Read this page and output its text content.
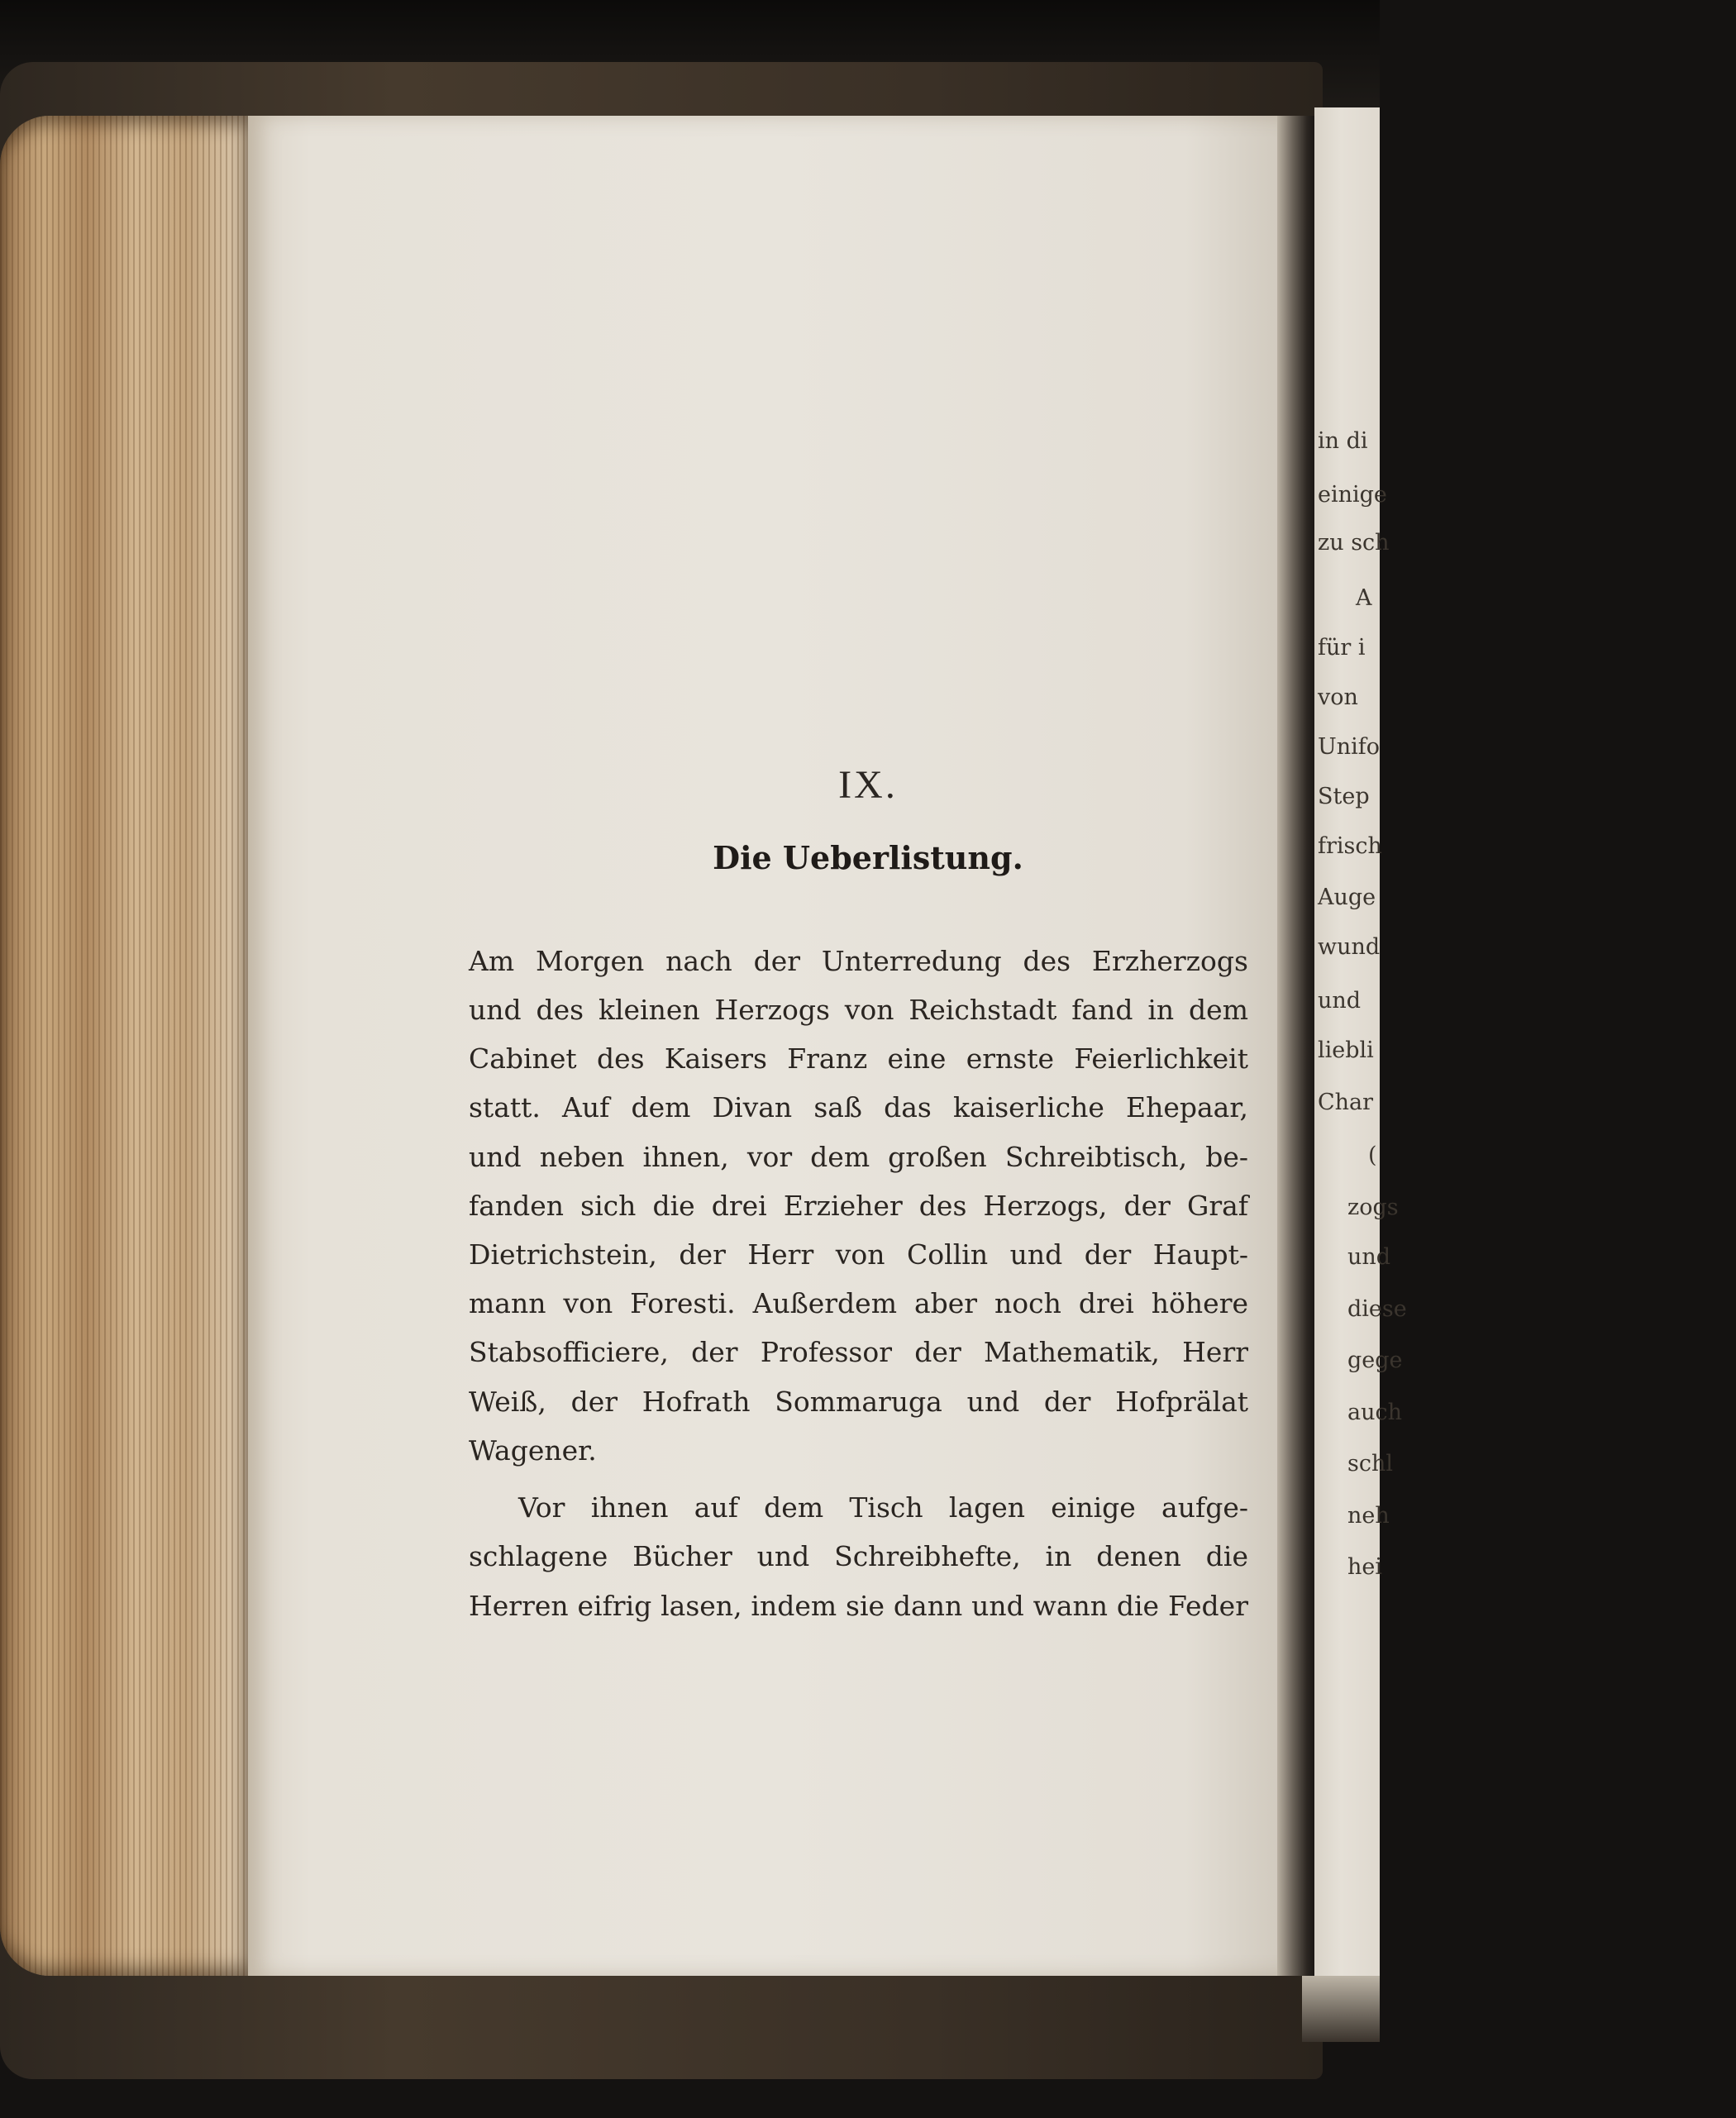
IX.
Die Ueberlistung.
Am Morgen nach der Unterredung des Erzherzogs
und des kleinen Herzogs von Reichstadt fand in dem
Cabinet des Kaisers Franz eine ernste Feierlichkeit
statt. Auf dem Divan saß das kaiserliche Ehepaar,
und neben ihnen, vor dem großen Schreibtisch, be-
fanden sich die drei Erzieher des Herzogs, der Graf
Dietrichstein, der Herr von Collin und der Haupt-
mann von Foresti. Außerdem aber noch drei höhere
Stabsofficiere, der Professor der Mathematik, Herr
Weiß, der Hofrath Sommaruga und der Hofprälat
Wagener.
Vor ihnen auf dem Tisch lagen einige aufge-
schlagene Bücher und Schreibhefte, in denen die
Herren eifrig lasen, indem sie dann und wann die Feder
in di
einige
zu sch
A
für i
von
Unifo
Step
frisch
Auge
wund
und
liebli
Char
(
zogs
und
diese
gege
auch
schl
neh
hei
